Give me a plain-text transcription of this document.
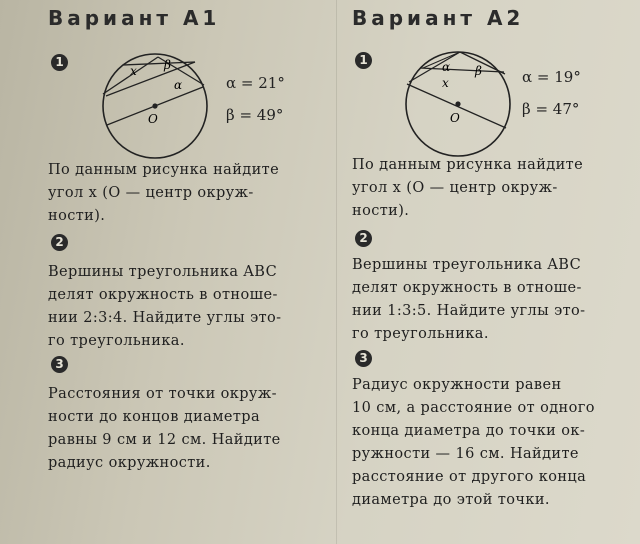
Вариант А1
1
x β
α
O
α = 21°
β = 49°
По данным рисунка найдите
угол x (O — центр окруж-
ности).
2
Вершины треугольника ABC
делят окружность в отноше-
нии 2:3:4. Найдите углы это-
го треугольника.
3
Расстояния от точки окруж-
ности до концов диаметра
равны 9 см и 12 см. Найдите
радиус окружности.
Вариант А2
1	α β
x
O
α = 19°
β = 47°
По данным рисунка найдите
угол x (O — центр окруж-
ности).
2
Вершины треугольника ABC
делят окружность в отноше-
нии 1:3:5. Найдите углы это-
го треугольника.
3
Радиус окружности равен
10 см, а расстояние от одного
конца диаметра до точки ок-
ружности — 16 см. Найдите
расстояние от другого конца
диаметра до этой точки.
